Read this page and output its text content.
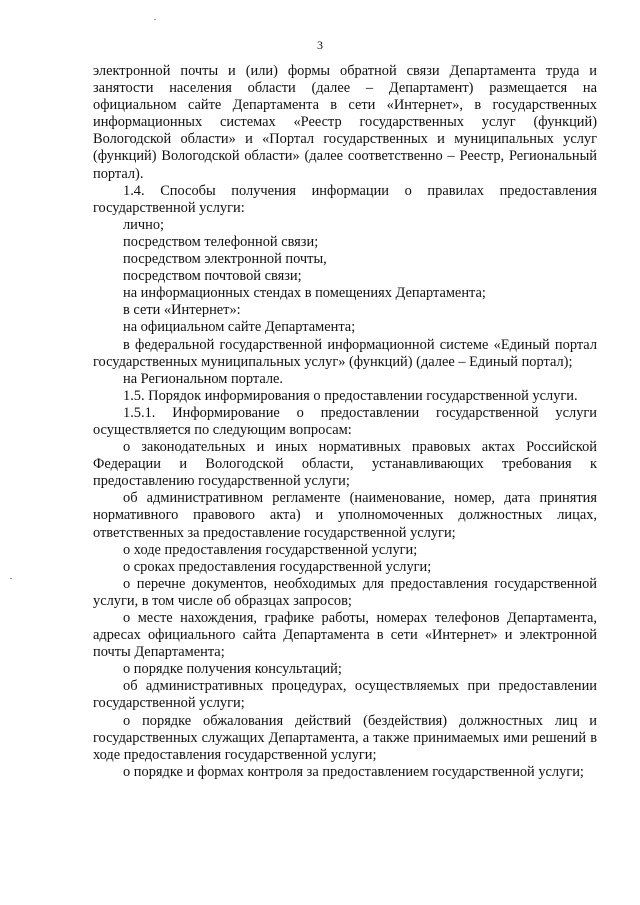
3

электронной почты и (или) формы обратной связи Департамента труда и занятости населения области (далее – Департамент) размещается на официальном сайте Департамента в сети «Интернет», в государственных информационных системах «Реестр государственных услуг (функций) Вологодской области» и «Портал государственных и муниципальных услуг (функций) Вологодской области» (далее соответственно – Реестр, Региональный портал).

1.4. Способы получения информации о правилах предоставления государственной услуги:

лично;

посредством телефонной связи;

посредством электронной почты,

посредством почтовой связи;

на информационных стендах в помещениях Департамента;

в сети «Интернет»:

на официальном сайте Департамента;

в федеральной государственной информационной системе «Единый портал государственных муниципальных услуг» (функций) (далее – Единый портал);

на Региональном портале.

1.5. Порядок информирования о предоставлении государственной услуги.

1.5.1. Информирование о предоставлении государственной услуги осуществляется по следующим вопросам:

о законодательных и иных нормативных правовых актах Российской Федерации и Вологодской области, устанавливающих требования к предоставлению государственной услуги;

об административном регламенте (наименование, номер, дата принятия нормативного правового акта) и уполномоченных должностных лицах, ответственных за предоставление государственной услуги;

о ходе предоставления государственной услуги;

о сроках предоставления государственной услуги;

о перечне документов, необходимых для предоставления государственной услуги, в том числе об образцах запросов;

о месте нахождения, графике работы, номерах телефонов Департамента, адресах официального сайта Департамента в сети «Интернет» и электронной почты Департамента;

о порядке получения консультаций;

об административных процедурах, осуществляемых при предоставлении государственной услуги;

о порядке обжалования действий (бездействия) должностных лиц и государственных служащих Департамента, а также принимаемых ими решений в ходе предоставления государственной услуги;

о порядке и формах контроля за предоставлением государственной услуги;
